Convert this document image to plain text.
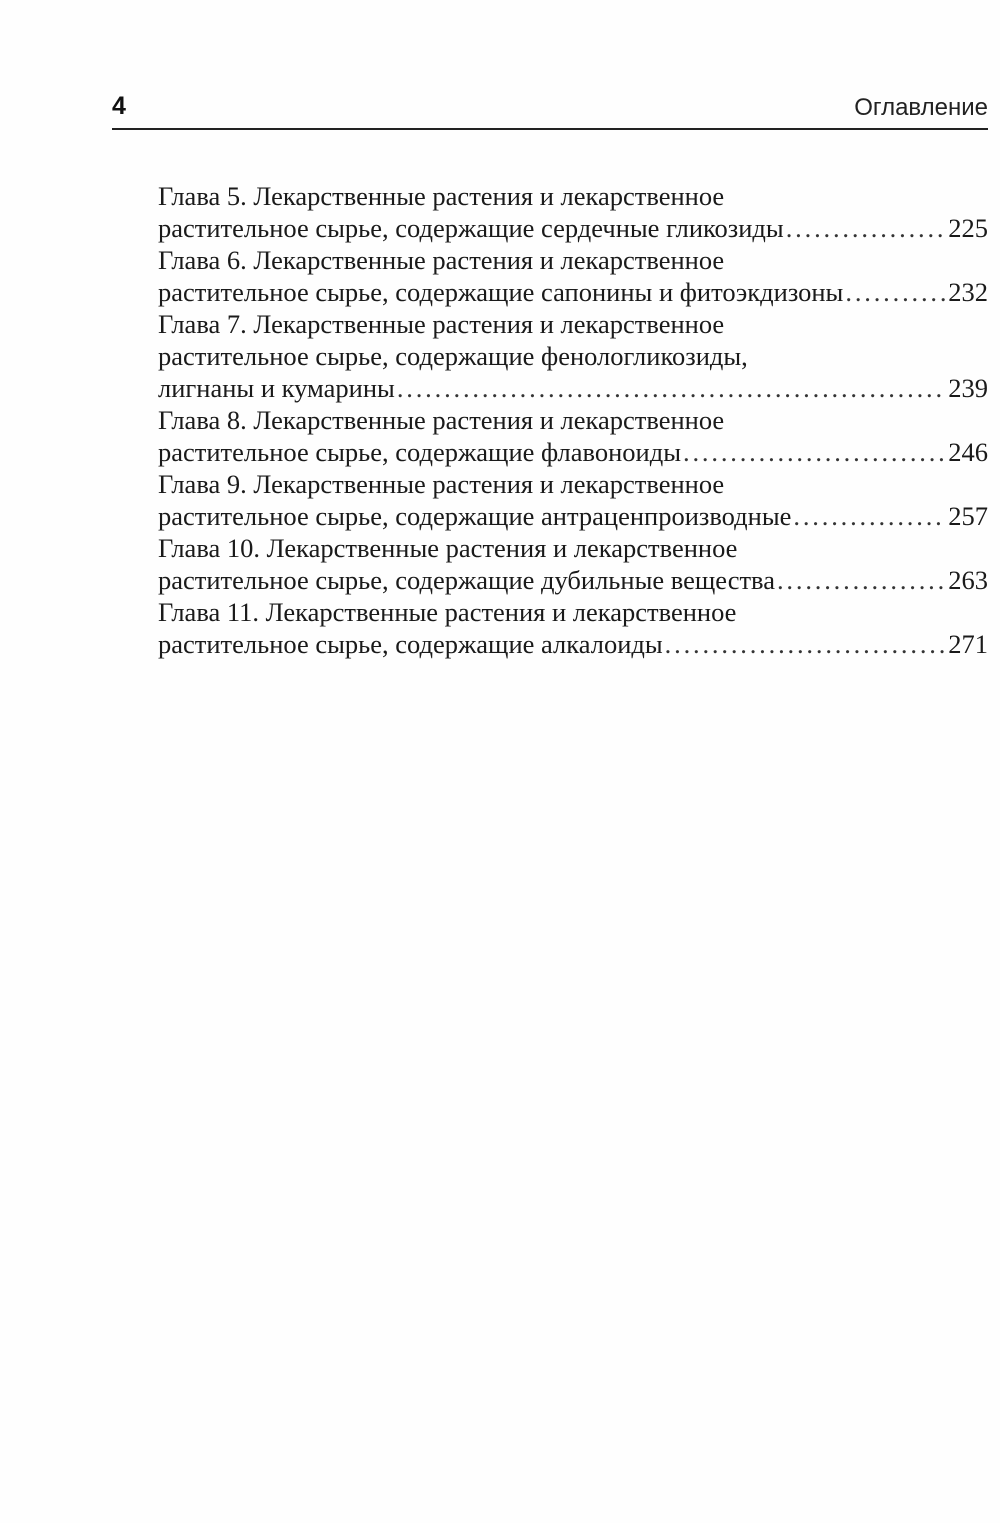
4	Оглавление
Глава 5. Лекарственные растения и лекарственное
растительное сырье, содержащие сердечные гликозиды . . .	225
Глава 6. Лекарственные растения и лекарственное
растительное сырье, содержащие сапонины и фитоэкдизоны . . .	232
Глава 7. Лекарственные растения и лекарственное
растительное сырье, содержащие фенологликозиды,
лигнаны и кумарины . . .	239
Глава 8. Лекарственные растения и лекарственное
растительное сырье, содержащие флавоноиды . . .	246
Глава 9. Лекарственные растения и лекарственное
растительное сырье, содержащие антраценпроизводные . . .	257
Глава 10. Лекарственные растения и лекарственное
растительное сырье, содержащие дубильные вещества . . .	263
Глава 11. Лекарственные растения и лекарственное
растительное сырье, содержащие алкалоиды . . .	271
